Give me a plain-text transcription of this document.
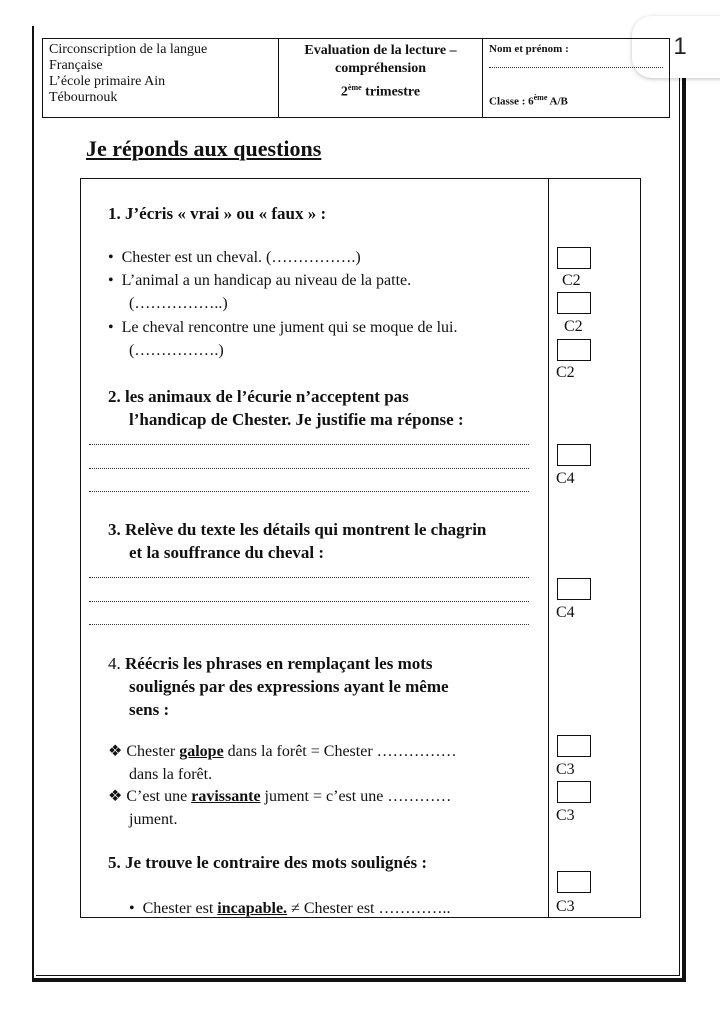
1
Circonscription de la langue
Française
L’école primaire Ain
Tébournouk
Evaluation de la lecture –
compréhension
2ème trimestre
Nom et prénom :
Classe : 6ème A/B
Je réponds aux questions
1. J’écris « vrai » ou « faux » :
•  Chester est un cheval. (…………….)
•  L’animal a un handicap au niveau de la patte.
(……………..)
•  Le cheval rencontre une jument qui se moque de lui.
(…………….)
C2
C2
C2
2. les animaux de l’écurie n’acceptent pas
l’handicap de Chester. Je justifie ma réponse :
C4
3. Relève du texte les détails qui montrent le chagrin
et la souffrance du cheval :
C4
4. Réécris les phrases en remplaçant les mots
soulignés par des expressions ayant le même
sens :
❖ Chester galope dans la forêt = Chester ……………
dans la forêt.
❖ C’est une ravissante jument = c’est une …………
jument.
C3
C3
5. Je trouve le contraire des mots soulignés :
•  Chester est incapable. ≠ Chester est …………..	C3
